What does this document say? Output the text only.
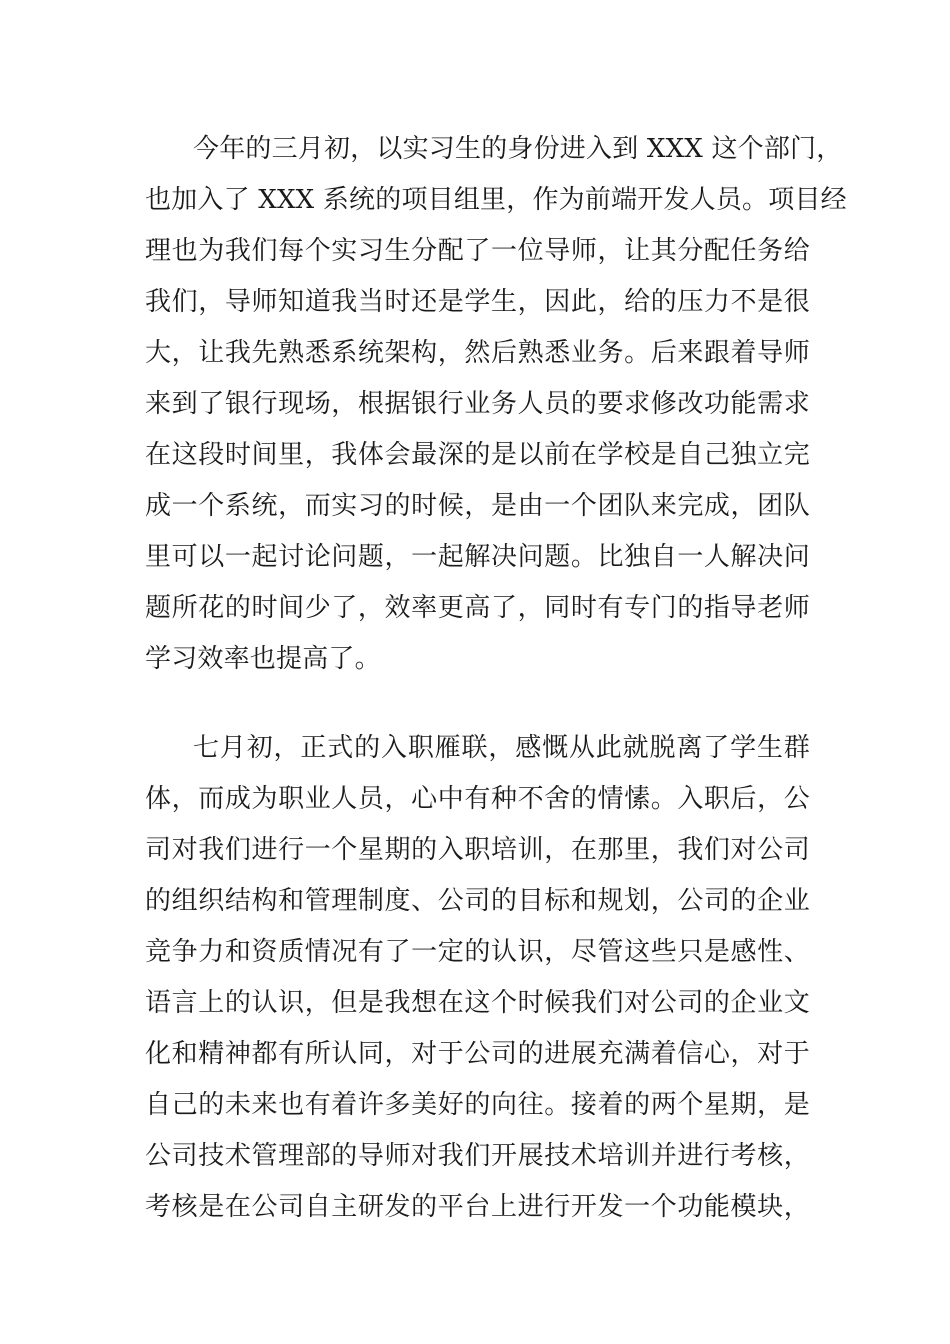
今年的三月初，以实习生的身份进入到 XXX 这个部门，
也加入了 XXX 系统的项目组里，作为前端开发人员。项目经
理也为我们每个实习生分配了一位导师，让其分配任务给
我们，导师知道我当时还是学生，因此，给的压力不是很
大，让我先熟悉系统架构，然后熟悉业务。后来跟着导师
来到了银行现场，根据银行业务人员的要求修改功能需求
在这段时间里，我体会最深的是以前在学校是自己独立完
成一个系统，而实习的时候，是由一个团队来完成，团队
里可以一起讨论问题，一起解决问题。比独自一人解决问
题所花的时间少了，效率更高了，同时有专门的指导老师
学习效率也提高了。
七月初，正式的入职雁联，感慨从此就脱离了学生群
体，而成为职业人员，心中有种不舍的情愫。入职后，公
司对我们进行一个星期的入职培训，在那里，我们对公司
的组织结构和管理制度、公司的目标和规划，公司的企业
竞争力和资质情况有了一定的认识，尽管这些只是感性、
语言上的认识，但是我想在这个时候我们对公司的企业文
化和精神都有所认同，对于公司的进展充满着信心，对于
自己的未来也有着许多美好的向往。接着的两个星期，是
公司技术管理部的导师对我们开展技术培训并进行考核，
考核是在公司自主研发的平台上进行开发一个功能模块，
